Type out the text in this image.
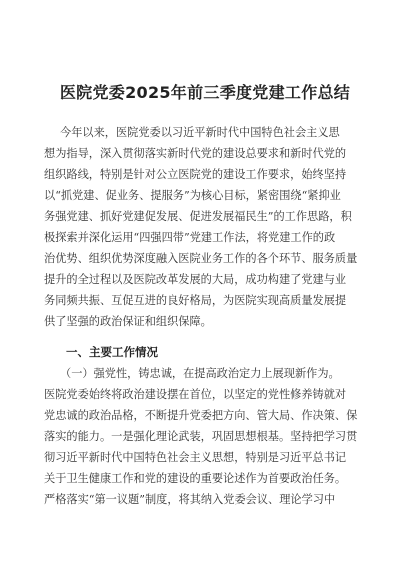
医院党委2025年前三季度党建工作总结
今年以来，医院党委以习近平新时代中国特色社会主义思
想为指导，深入贯彻落实新时代党的建设总要求和新时代党的
组织路线，特别是针对公立医院党的建设工作要求，始终坚持
以“抓党建、促业务、提服务”为核心目标，紧密围绕“紧抑业
务强党建、抓好党建促发展、促进发展福民生”的工作思路，积
极探索并深化运用“四强四带”党建工作法，将党建工作的政
治优势、组织优势深度融入医院业务工作的各个环节、服务质量
提升的全过程以及医院改革发展的大局，成功构建了党建与业
务同频共振、互促互进的良好格局，为医院实现高质量发展提
供了坚强的政治保证和组织保障。
一、主要工作情况
（一）强党性，铸忠诚，在提高政治定力上展现新作为。
医院党委始终将政治建设摆在首位，以坚定的党性修养铸就对
党忠诚的政治品格，不断提升党委把方向、管大局、作决策、保
落实的能力。一是强化理论武装，巩固思想根基。坚持把学习贯
彻习近平新时代中国特色社会主义思想，特别是习近平总书记
关于卫生健康工作和党的建设的重要论述作为首要政治任务。
严格落实“第一议题”制度，将其纳入党委会议、理论学习中
